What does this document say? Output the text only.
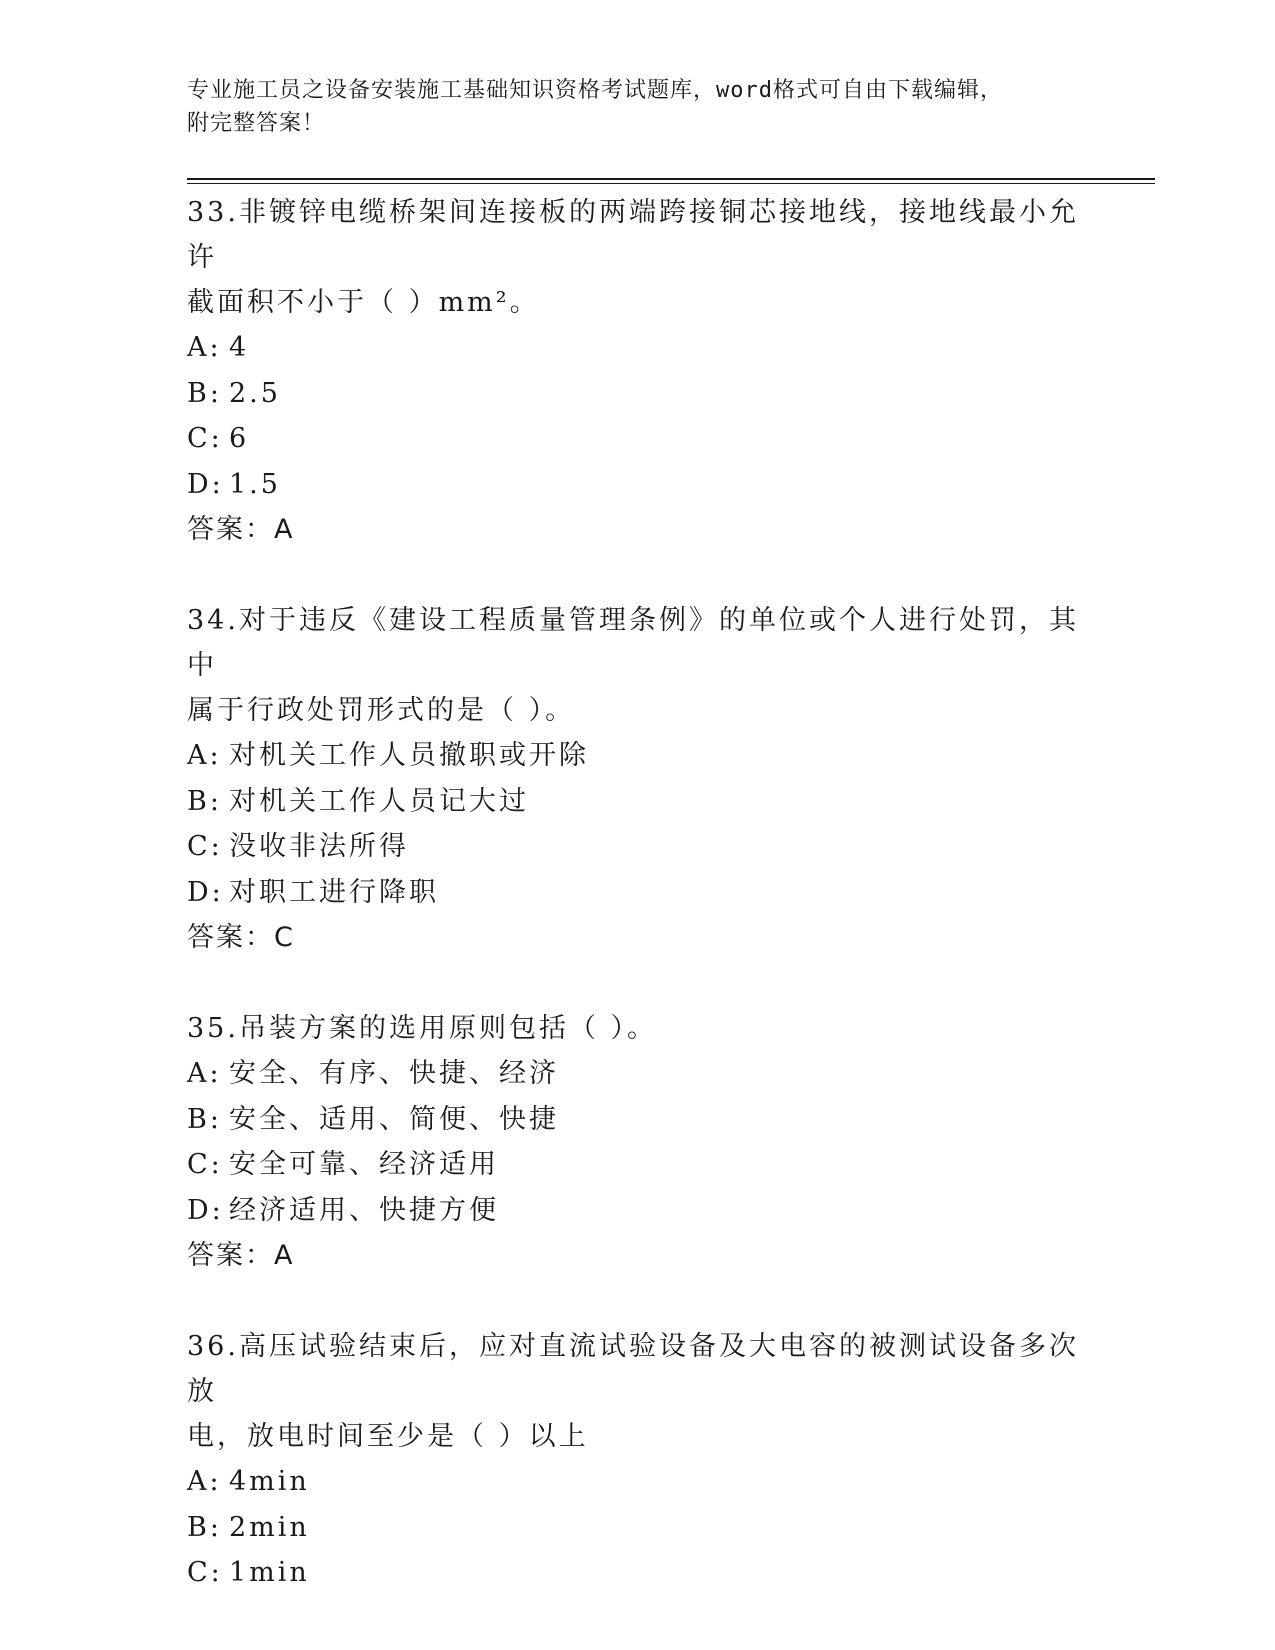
专业施工员之设备安装施工基础知识资格考试题库，word格式可自由下载编辑，
附完整答案！
33.非镀锌电缆桥架间连接板的两端跨接铜芯接地线，接地线最小允许
截面积不小于（ ）mm²。
A: 4
B: 2.5
C: 6
D: 1.5
答案：A
34.对于违反《建设工程质量管理条例》的单位或个人进行处罚，其中
属于行政处罚形式的是（ ）。
A: 对机关工作人员撤职或开除
B: 对机关工作人员记大过
C: 没收非法所得
D: 对职工进行降职
答案：C
35.吊装方案的选用原则包括（ ）。
A: 安全、有序、快捷、经济
B: 安全、适用、简便、快捷
C: 安全可靠、经济适用
D: 经济适用、快捷方便
答案：A
36.高压试验结束后，应对直流试验设备及大电容的被测试设备多次放
电，放电时间至少是（ ）以上
A: 4min
B: 2min
C: 1min
